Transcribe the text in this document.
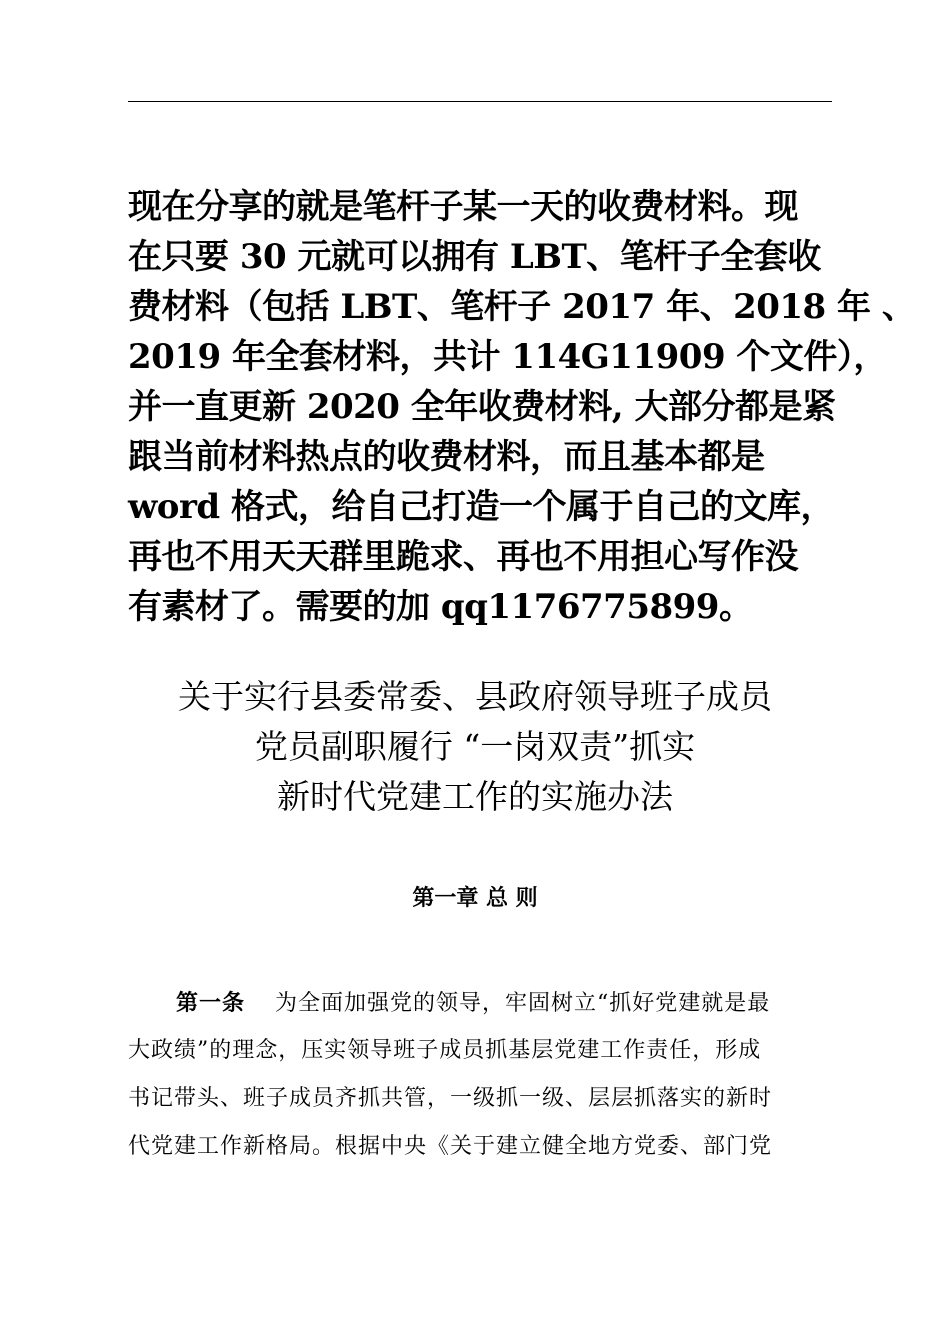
现在分享的就是笔杆子某一天的收费材料。现
在只要 30 元就可以拥有 LBT、笔杆子全套收
费材料（包括 LBT、笔杆子 2017 年、2018 年 、
2019 年全套材料，共计 114G11909 个文件），
并一直更新 2020 全年收费材料, 大部分都是紧
跟当前材料热点的收费材料，而且基本都是
word 格式，给自己打造一个属于自己的文库，
再也不用天天群里跪求、再也不用担心写作没
有素材了。需要的加 qq1176775899。
关于实行县委常委、县政府领导班子成员
党员副职履行 “一岗双责”抓实
新时代党建工作的实施办法
第一章 总 则
第一条 为全面加强党的领导，牢固树立“抓好党建就是最
大政绩”的理念，压实领导班子成员抓基层党建工作责任，形成
书记带头、班子成员齐抓共管，一级抓一级、层层抓落实的新时
代党建工作新格局。根据中央《关于建立健全地方党委、部门党
